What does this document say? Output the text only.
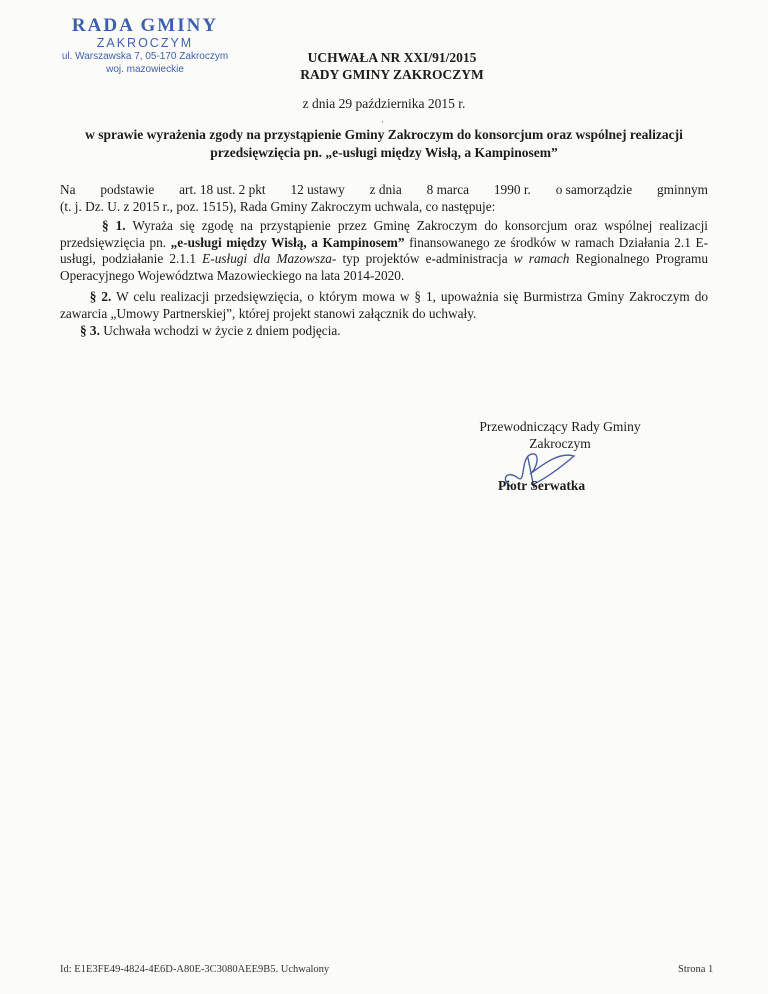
RADA GMINY
ZAKROCZYM
ul. Warszawska 7, 05-170 Zakroczym
woj. mazowieckie
UCHWAŁA NR XXI/91/2015
RADY GMINY ZAKROCZYM
z dnia 29 października 2015 r.
ˌ
w sprawie wyrażenia zgody na przystąpienie Gminy Zakroczym do konsorcjum oraz wspólnej realizacji
przedsięwzięcia pn. „e-usługi między Wisłą, a Kampinosem”
Na podstawie art. 18 ust. 2 pkt 12 ustawy z dnia 8 marca 1990 r. o samorządzie gminnym
(t. j. Dz. U. z 2015 r., poz. 1515), Rada Gminy Zakroczym uchwala, co następuje:
§ 1. Wyraża się zgodę na przystąpienie przez Gminę Zakroczym do konsorcjum oraz wspólnej realizacji przedsięwzięcia pn. „e-usługi między Wisłą, a Kampinosem” finansowanego ze środków w ramach Działania 2.1 E- usługi, podziałanie 2.1.1 E-usługi dla Mazowsza- typ projektów e-administracja w ramach Regionalnego Programu Operacyjnego Województwa Mazowieckiego na lata 2014-2020.
§ 2. W celu realizacji przedsięwzięcia, o którym mowa w § 1, upoważnia się Burmistrza Gminy Zakroczym do zawarcia „Umowy Partnerskiej”, której projekt stanowi załącznik do uchwały.
§ 3. Uchwała wchodzi w życie z dniem podjęcia.
Przewodniczący Rady Gminy
Zakroczym
Piotr Serwatka
Id: E1E3FE49-4824-4E6D-A80E-3C3080AEE9B5. Uchwalony	Strona 1
